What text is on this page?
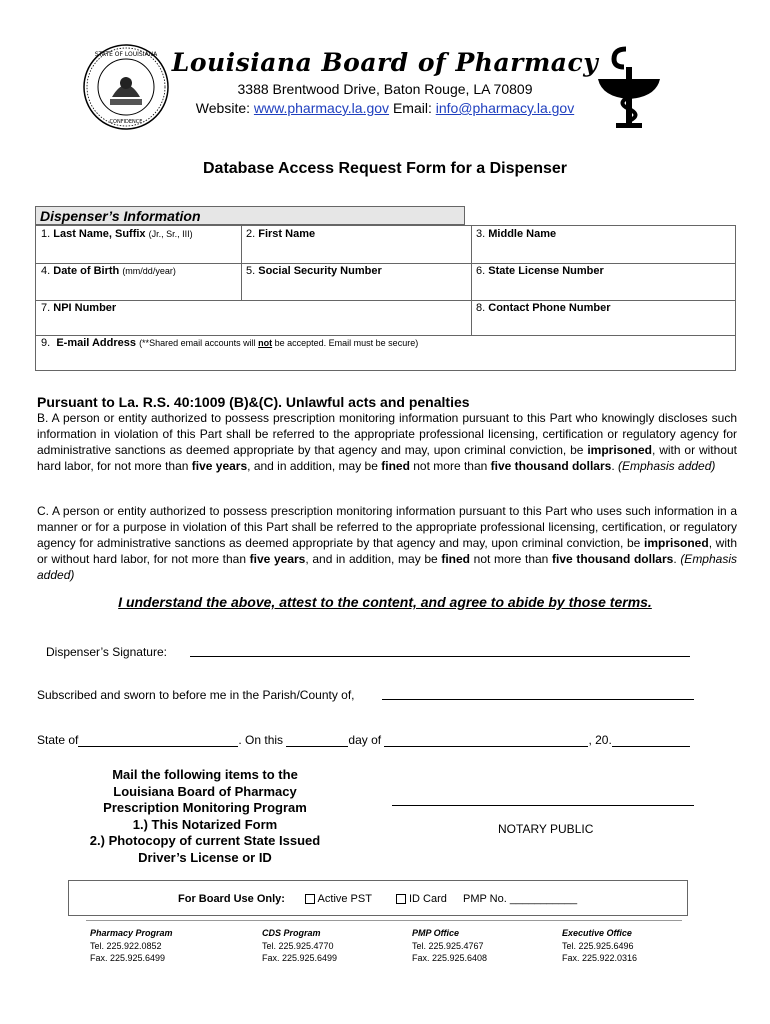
STATE OF LOUISIANA
CONFIDENCE
Louisiana Board of Pharmacy
3388 Brentwood Drive, Baton Rouge, LA 70809
Website: www.pharmacy.la.gov Email: info@pharmacy.la.gov
Database Access Request Form for a Dispenser
Dispenser’s Information
1. Last Name, Suffix (Jr., Sr., III)	2. First Name	3. Middle Name
4. Date of Birth (mm/dd/year)	5. Social Security Number	6. State License Number
7. NPI Number	8. Contact Phone Number
9. E-mail Address (**Shared email accounts will not be accepted. Email must be secure)
Pursuant to La. R.S. 40:1009 (B)&(C). Unlawful acts and penalties
B. A person or entity authorized to possess prescription monitoring information pursuant to this Part who knowingly discloses such information in violation of this Part shall be referred to the appropriate professional licensing, certification or regulatory agency for administrative sanctions as deemed appropriate by that agency and may, upon criminal conviction, be imprisoned, with or without hard labor, for not more than five years, and in addition, may be fined not more than five thousand dollars. (Emphasis added)
C. A person or entity authorized to possess prescription monitoring information pursuant to this Part who uses such information in a manner or for a purpose in violation of this Part shall be referred to the appropriate professional licensing, certification, or regulatory agency for administrative sanctions as deemed appropriate by that agency and may, upon criminal conviction, be imprisoned, with or without hard labor, for not more than five years, and in addition, may be fined not more than five thousand dollars. (Emphasis added)
I understand the above, attest to the content, and agree to abide by those terms.
Dispenser’s Signature:
Subscribed and sworn to before me in the Parish/County of,
State of	. On this	day of	, 20.
Mail the following items to the
Louisiana Board of Pharmacy
Prescription Monitoring Program
1.) This Notarized Form
2.) Photocopy of current State Issued
Driver’s License or ID
NOTARY PUBLIC
For Board Use Only:	Active PST	ID Card PMP No. ___________
Pharmacy Program
Tel. 225.922.0852
Fax. 225.925.6499
CDS Program
Tel. 225.925.4770
Fax. 225.925.6499
PMP Office
Tel. 225.925.4767
Fax. 225.925.6408
Executive Office
Tel. 225.925.6496
Fax. 225.922.0316
